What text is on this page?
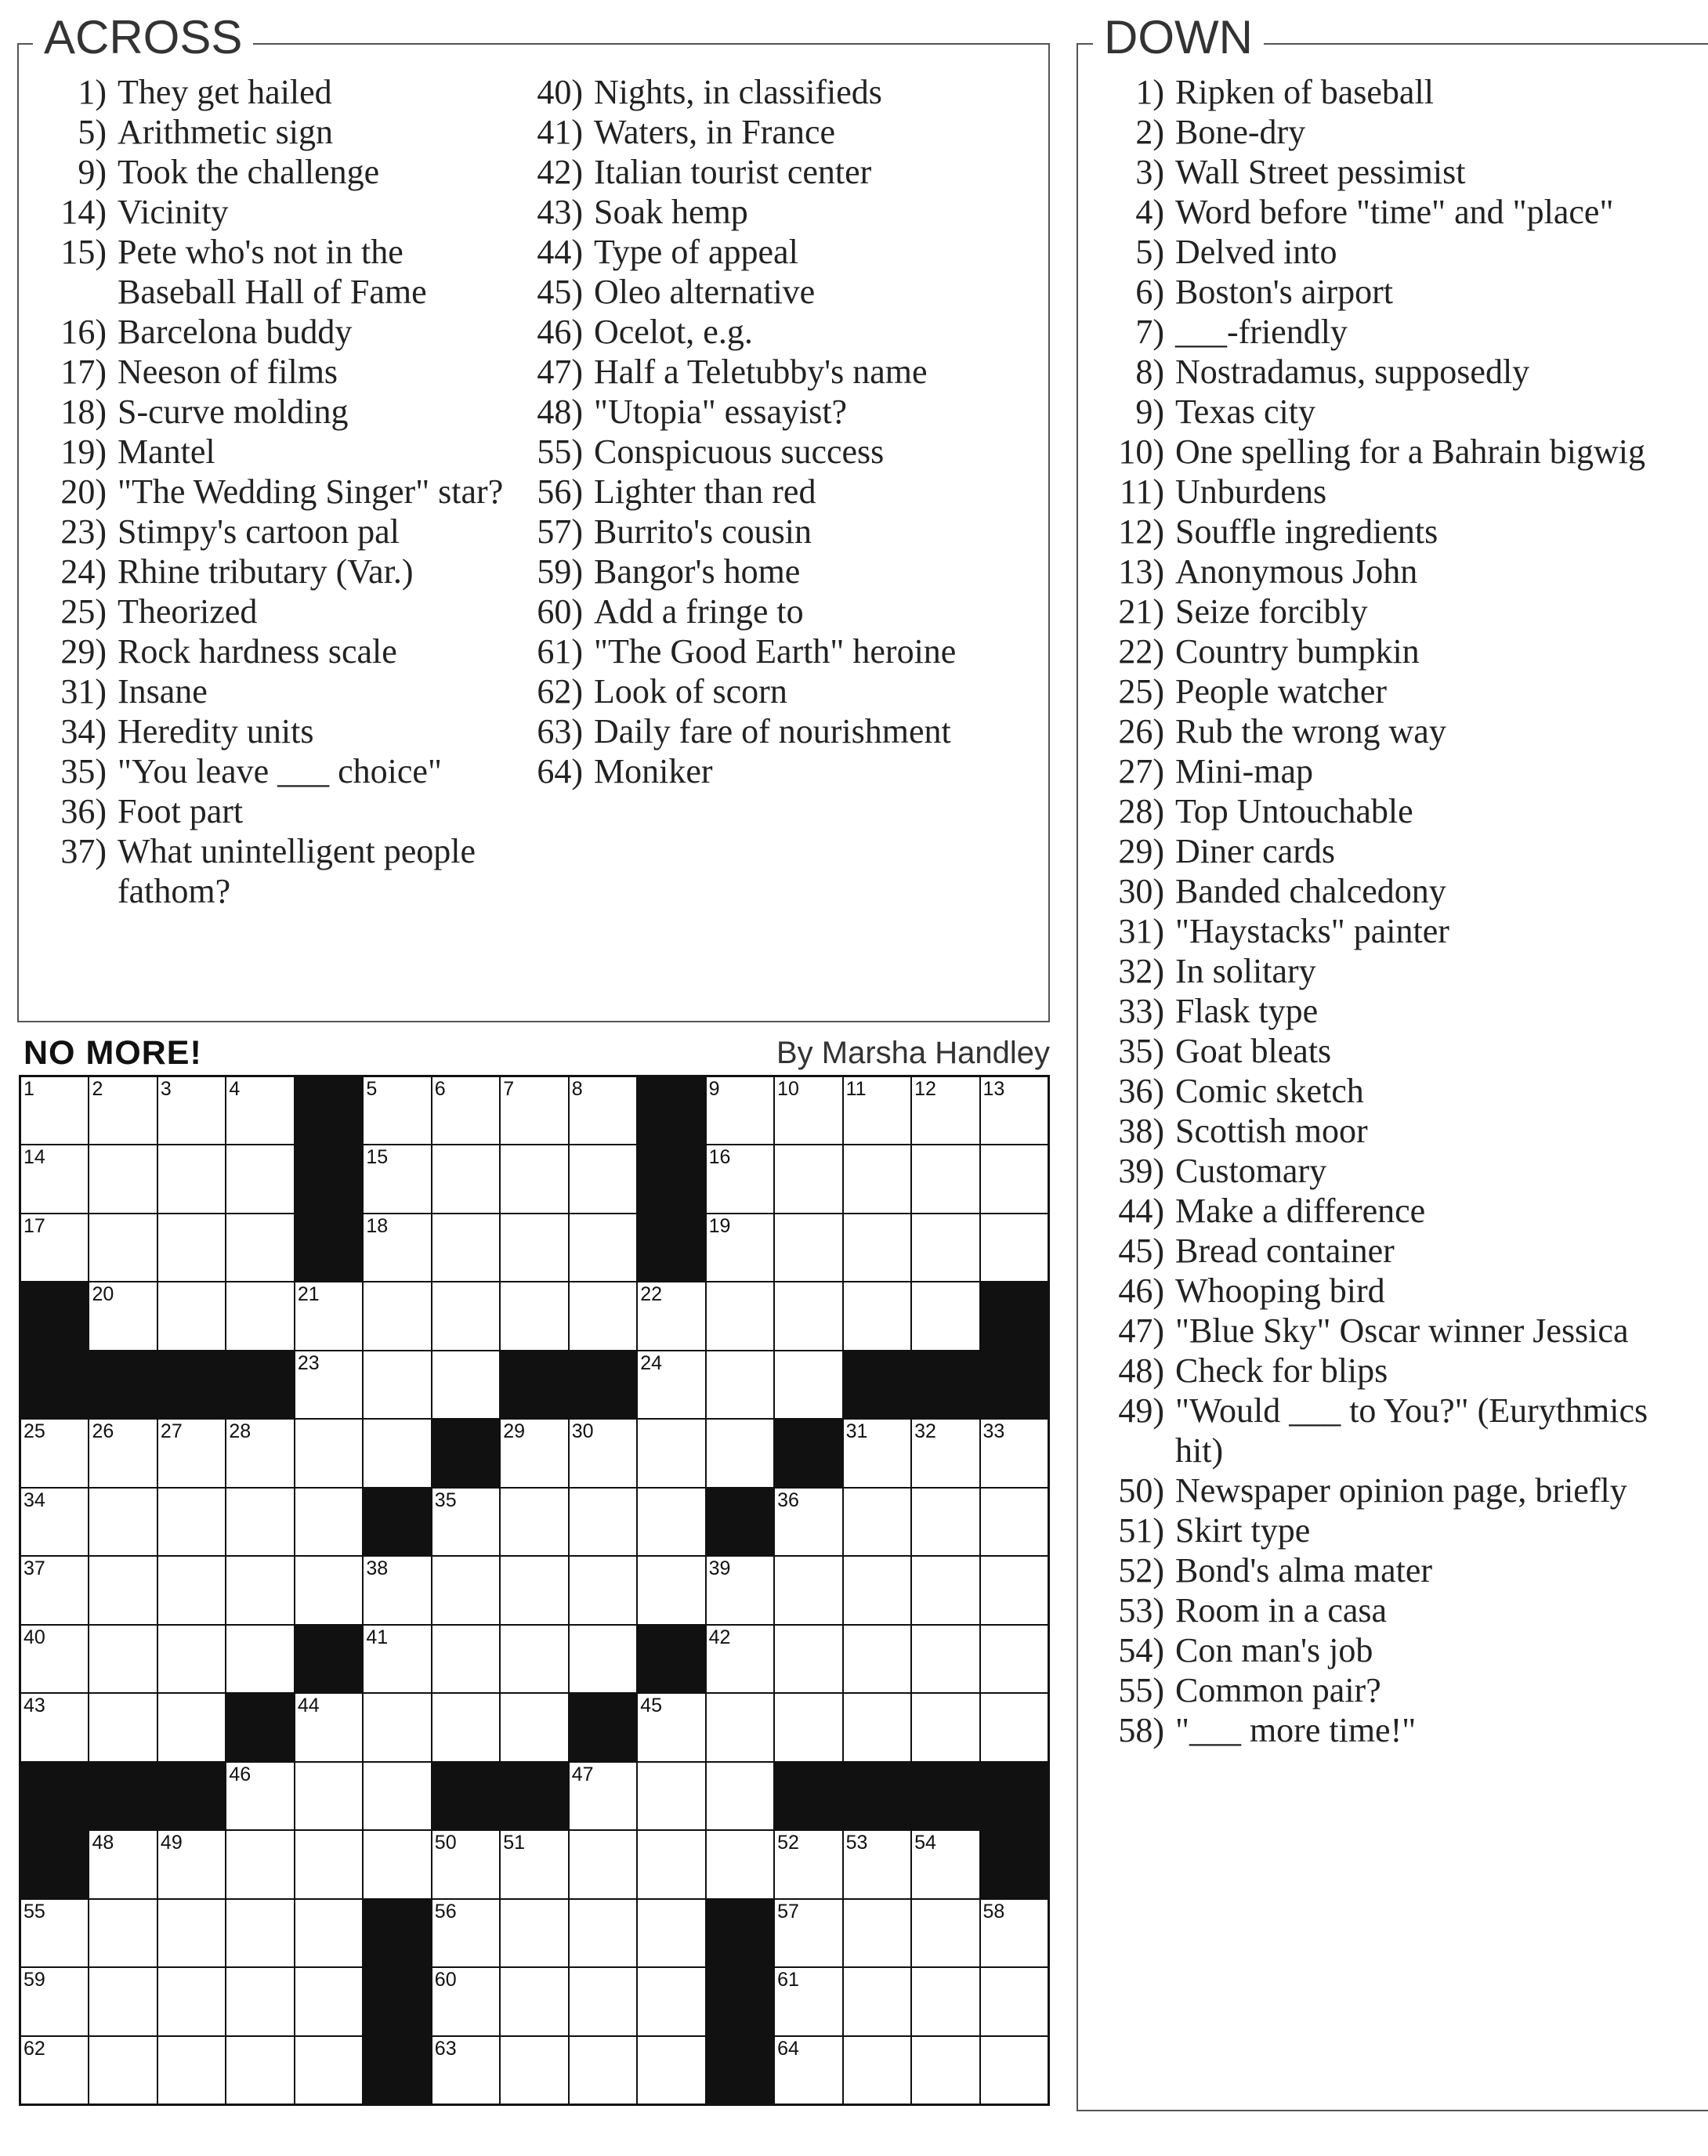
ACROSS	DOWN
1) They get hailed
5) Arithmetic sign
9) Took the challenge
14) Vicinity
15) Pete who's not in the Baseball Hall of Fame
16) Barcelona buddy
17) Neeson of films
18) S-curve molding
19) Mantel
20) "The Wedding Singer" star?
23) Stimpy's cartoon pal
24) Rhine tributary (Var.)
25) Theorized
29) Rock hardness scale
31) Insane
34) Heredity units
35) "You leave ___ choice"
36) Foot part
37) What unintelligent people fathom?
40) Nights, in classifieds
41) Waters, in France
42) Italian tourist center
43) Soak hemp
44) Type of appeal
45) Oleo alternative
46) Ocelot, e.g.
47) Half a Teletubby's name
48) "Utopia" essayist?
55) Conspicuous success
56) Lighter than red
57) Burrito's cousin
59) Bangor's home
60) Add a fringe to
61) "The Good Earth" heroine
62) Look of scorn
63) Daily fare of nourishment
64) Moniker
1) Ripken of baseball
2) Bone-dry
3) Wall Street pessimist
4) Word before "time" and "place"
5) Delved into
6) Boston's airport
7) ___-friendly
8) Nostradamus, supposedly
9) Texas city
10) One spelling for a Bahrain bigwig
11) Unburdens
12) Souffle ingredients
13) Anonymous John
21) Seize forcibly
22) Country bumpkin
25) People watcher
26) Rub the wrong way
27) Mini-map
28) Top Untouchable
29) Diner cards
30) Banded chalcedony
31) "Haystacks" painter
32) In solitary
33) Flask type
35) Goat bleats
36) Comic sketch
38) Scottish moor
39) Customary
44) Make a difference
45) Bread container
46) Whooping bird
47) "Blue Sky" Oscar winner Jessica
48) Check for blips
49) "Would ___ to You?" (Eurythmics hit)
50) Newspaper opinion page, briefly
51) Skirt type
52) Bond's alma mater
53) Room in a casa
54) Con man's job
55) Common pair?
58) "___ more time!"
NO MORE!	By Marsha Handley
1	2	3	4	5	6	7	8	9	10 11 12 13
14	15	16
17	18	19
20	21	22
23	24
25 26 27 28	29 30	31 32 33
34	35	36
37	38	39
40	41	42
43	44	45
46	47
48 49	50 51	52 53 54
55	56	57	58
59	60	61
62	63	64
